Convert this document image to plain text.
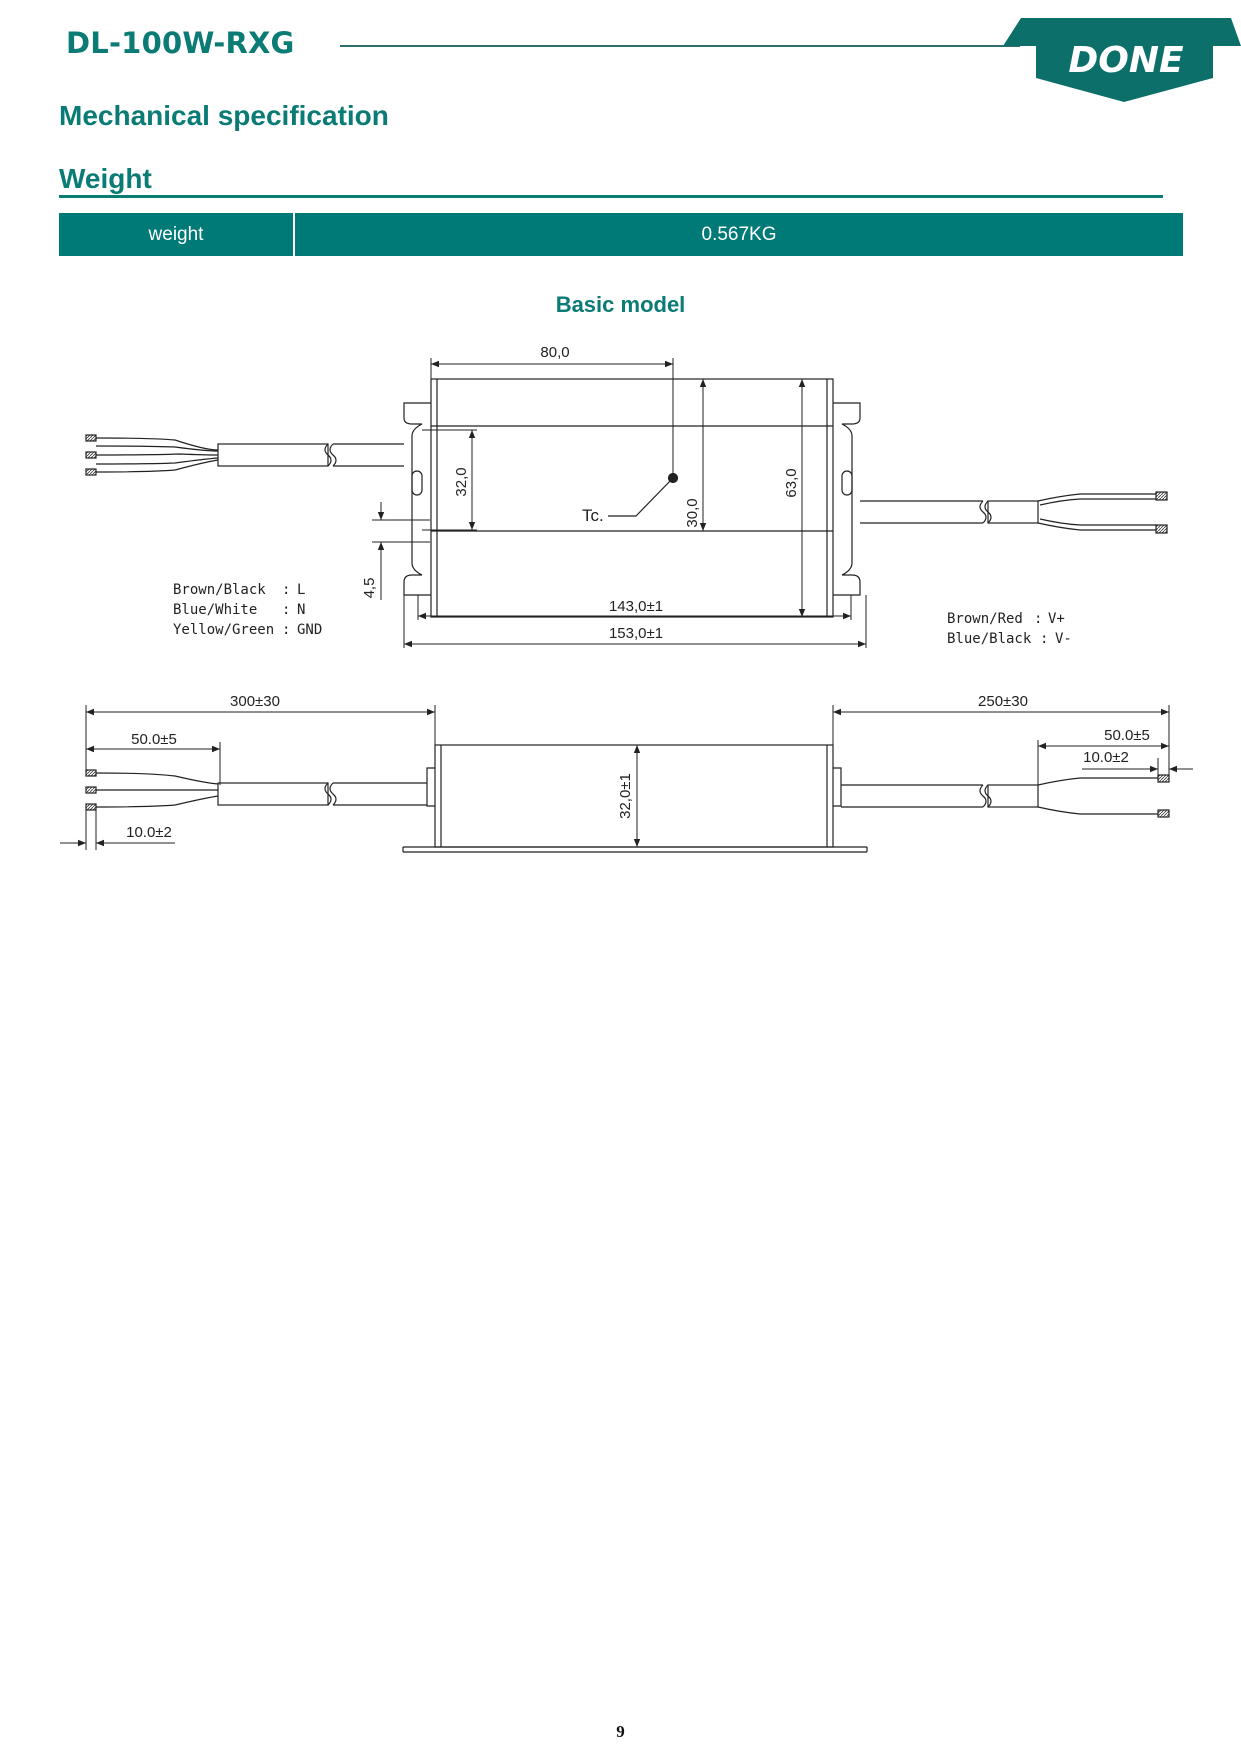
DL-100W-RXG	DONE
Mechanical specification
Weight
weight	0.567KG
Basic model
80,0
32,0
30,0
63,0
4,5
143,0±1
153,0±1
Tc.
Brown/Black : L
Blue/White : N
Yellow/Green : GND
Brown/Red : V+
Blue/Black : V-
300±30
50.0±5
10.0±2
32,0±1
250±30
50.0±5
10.0±2
9
